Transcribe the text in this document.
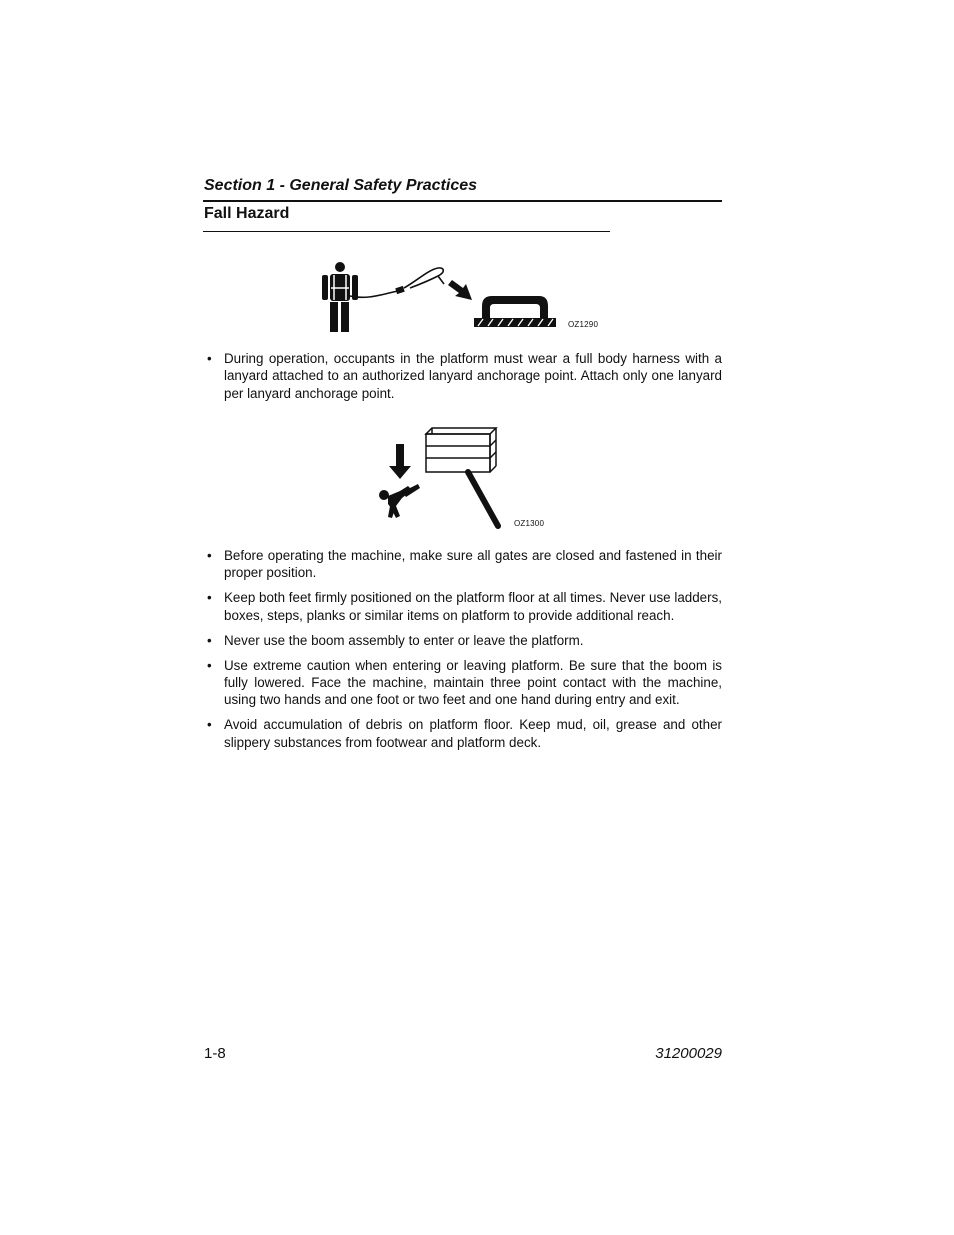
Section 1 - General Safety Practices
Fall Hazard
OZ1290
• During operation, occupants in the platform must wear a full body harness with a lanyard attached to an authorized lanyard anchorage point. Attach only one lanyard per lanyard anchorage point.
OZ1300
• Before operating the machine, make sure all gates are closed and fastened in their proper position.
• Keep both feet firmly positioned on the platform floor at all times. Never use ladders, boxes, steps, planks or similar items on platform to provide additional reach.
• Never use the boom assembly to enter or leave the platform.
• Use extreme caution when entering or leaving platform. Be sure that the boom is fully lowered. Face the machine, maintain three point contact with the machine, using two hands and one foot or two feet and one hand during entry and exit.
• Avoid accumulation of debris on platform floor. Keep mud, oil, grease and other slippery substances from footwear and platform deck.
1-8	31200029
